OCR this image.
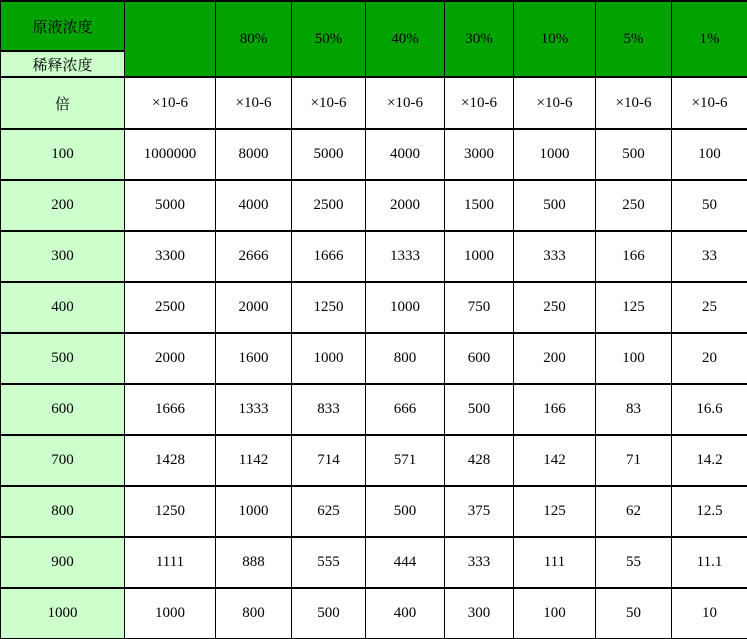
原液浓度		80%	50%	40%	30%	10%	5%	1%
稀释浓度								
倍	×10-6	×10-6	×10-6	×10-6	×10-6	×10-6	×10-6	×10-6
100	1000000	8000	5000	4000	3000	1000	500	100
200	5000	4000	2500	2000	1500	500	250	50
300	3300	2666	1666	1333	1000	333	166	33
400	2500	2000	1250	1000	750	250	125	25
500	2000	1600	1000	800	600	200	100	20
600	1666	1333	833	666	500	166	83	16.6
700	1428	1142	714	571	428	142	71	14.2
800	1250	1000	625	500	375	125	62	12.5
900	1111	888	555	444	333	111	55	11.1
1000	1000	800	500	400	300	100	50	10
